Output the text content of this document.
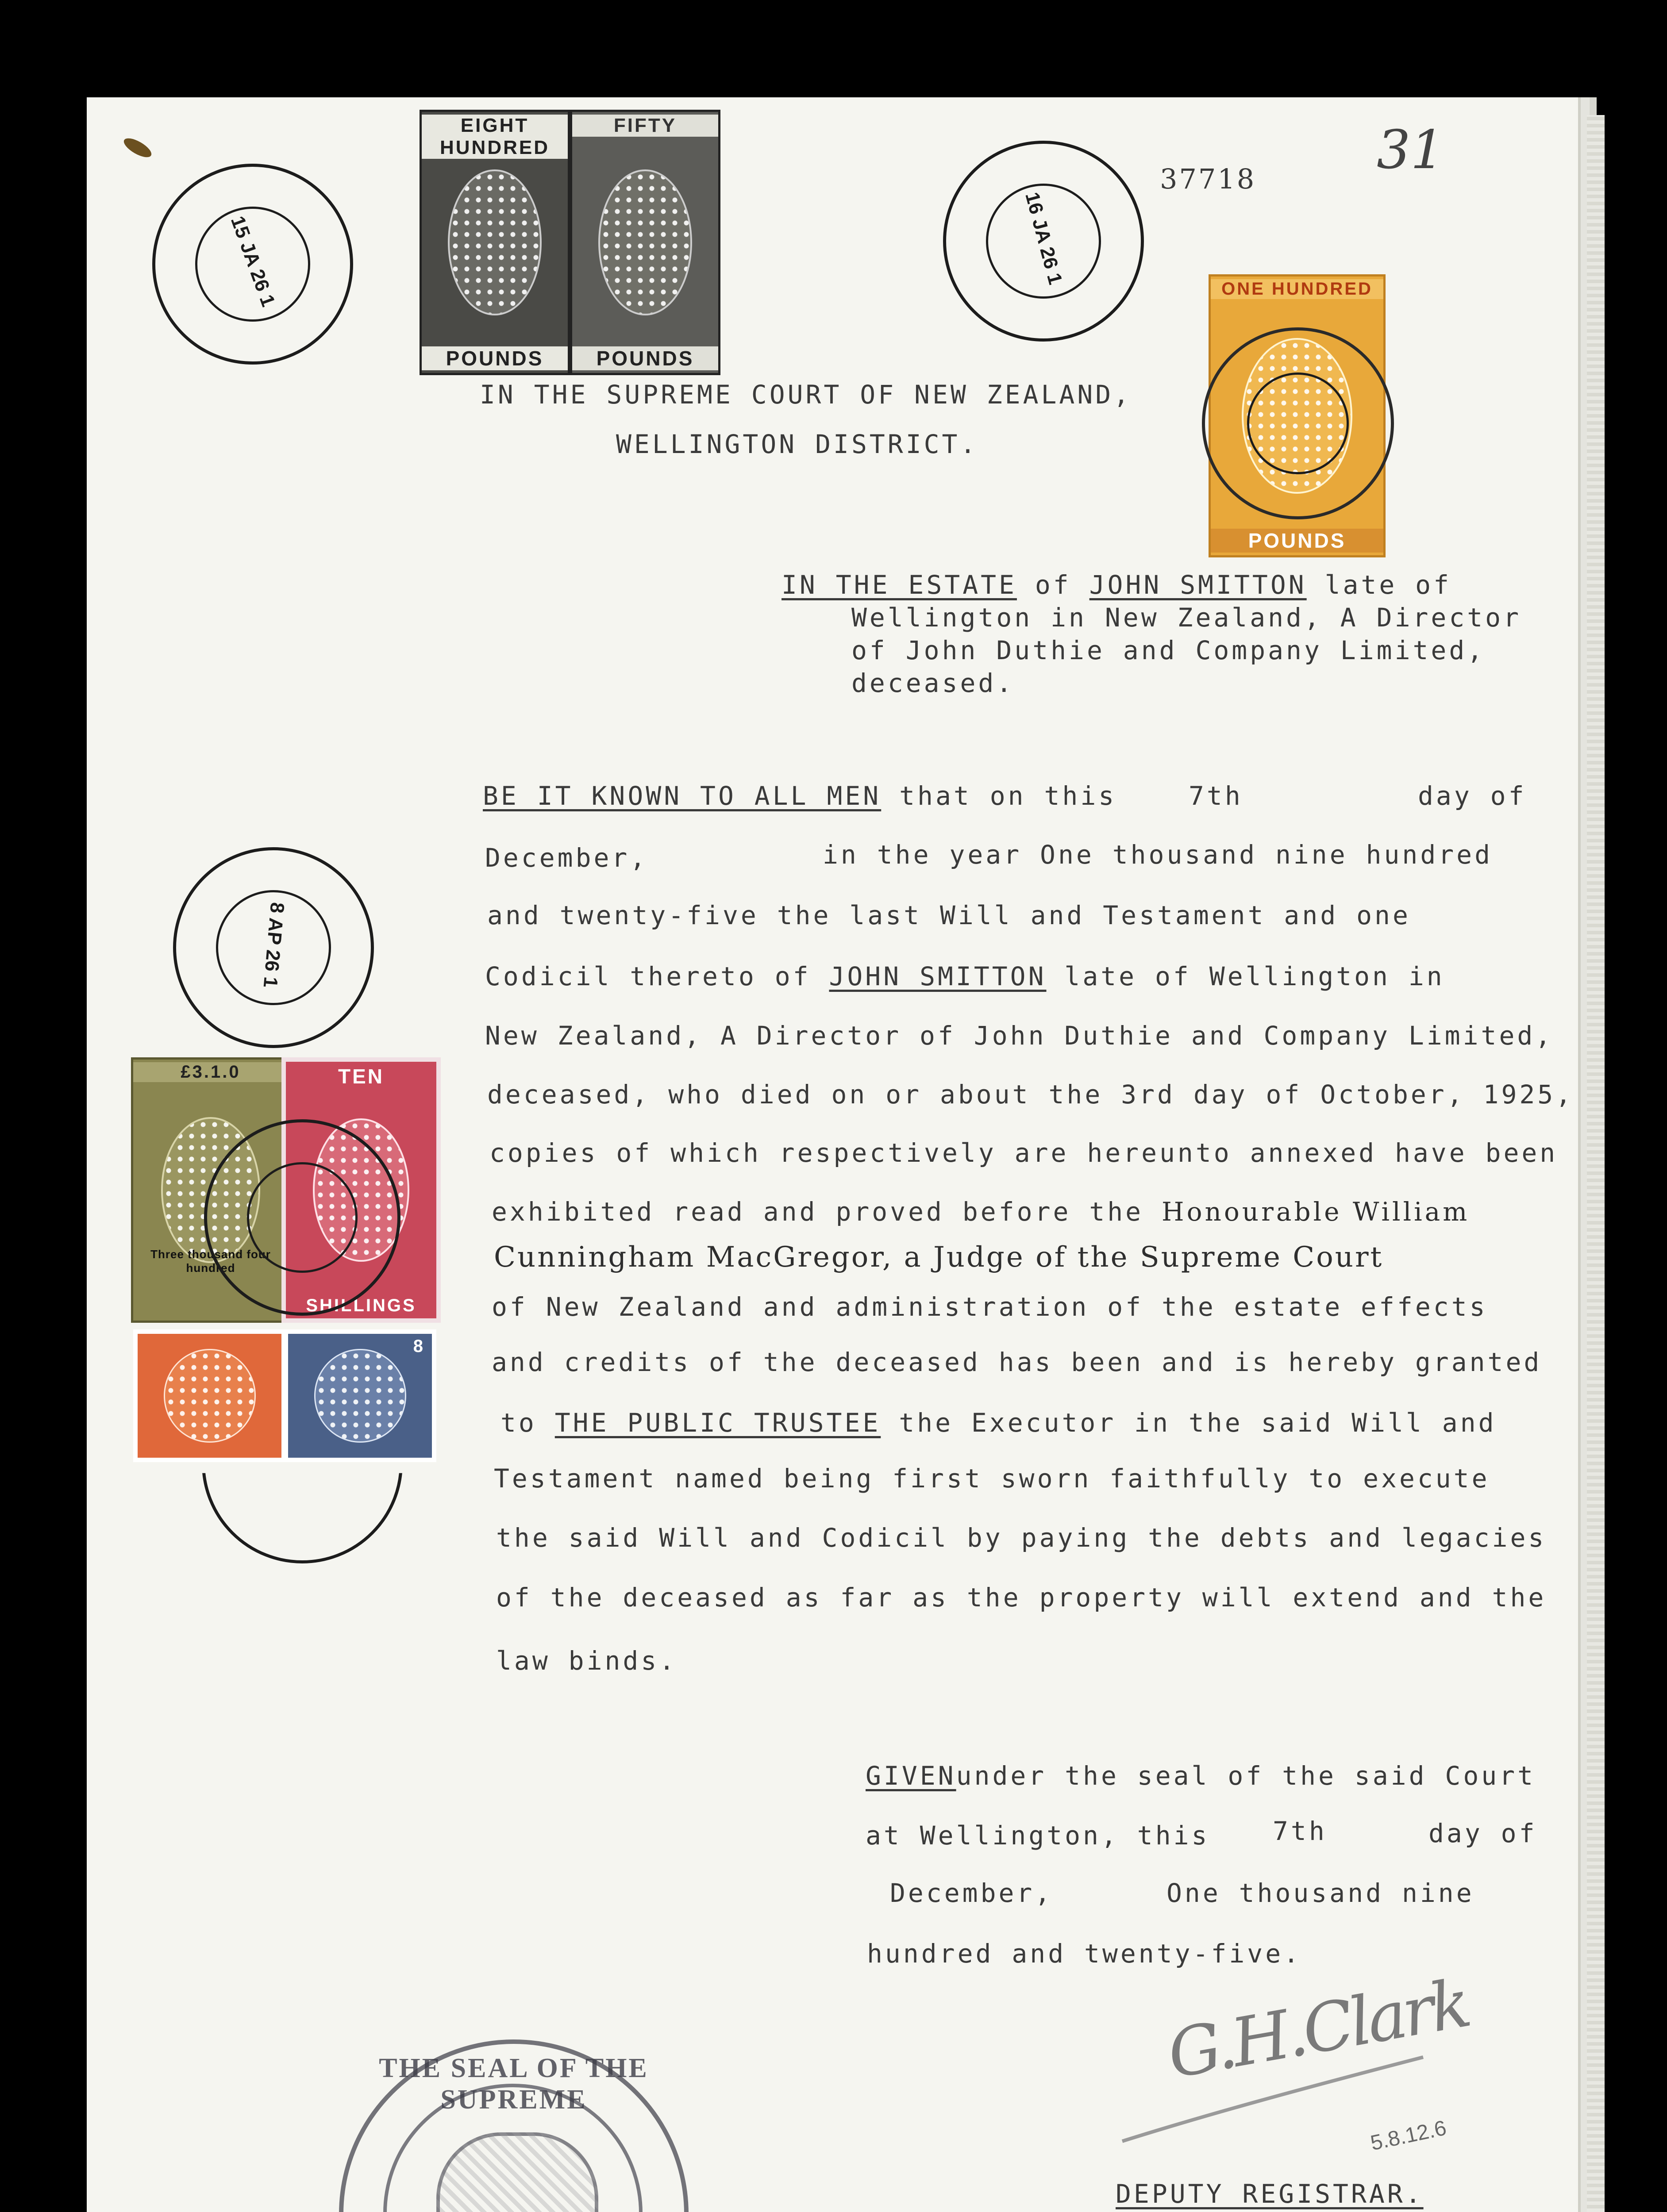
31
37718
EIGHT HUNDRED
POUNDS
FIFTY
POUNDS
15 JA 26 1
IN THE SUPREME COURT OF NEW ZEALAND,
WELLINGTON DISTRICT.
16 JA 26 1
ONE HUNDRED
POUNDS
IN THE ESTATE of JOHN SMITTON late of
Wellington in New Zealand, A Director
of John Duthie and Company Limited,
deceased.
BE IT KNOWN TO ALL MEN that on this	7th	day of
December,	in the year One thousand nine hundred
and twenty-five the last Will and Testament and one
Codicil thereto of JOHN SMITTON late of Wellington in
New Zealand, A Director of John Duthie and Company Limited,
deceased, who died on or about the 3rd day of October, 1925,
copies of which respectively are hereunto annexed have been
exhibited read and proved before the Honourable William
Cunningham MacGregor, a Judge of the Supreme Court
of New Zealand and administration of the estate effects
and credits of the deceased has been and is hereby granted
to THE PUBLIC TRUSTEE the Executor in the said Will and
Testament named being first sworn faithfully to execute
the said Will and Codicil by paying the debts and legacies
of the deceased as far as the property will extend and the
law binds.
8 AP 26 1
£3.1.0
Three thousand four hundred
TEN
SHILLINGS
8
GIVENunder the seal of the said Court
at Wellington, this 7th	day of
December,	One thousand nine
hundred and twenty-five.
G.H.Clark
5.8.12.6
DEPUTY REGISTRAR.
THE SEAL OF THE SUPREME
